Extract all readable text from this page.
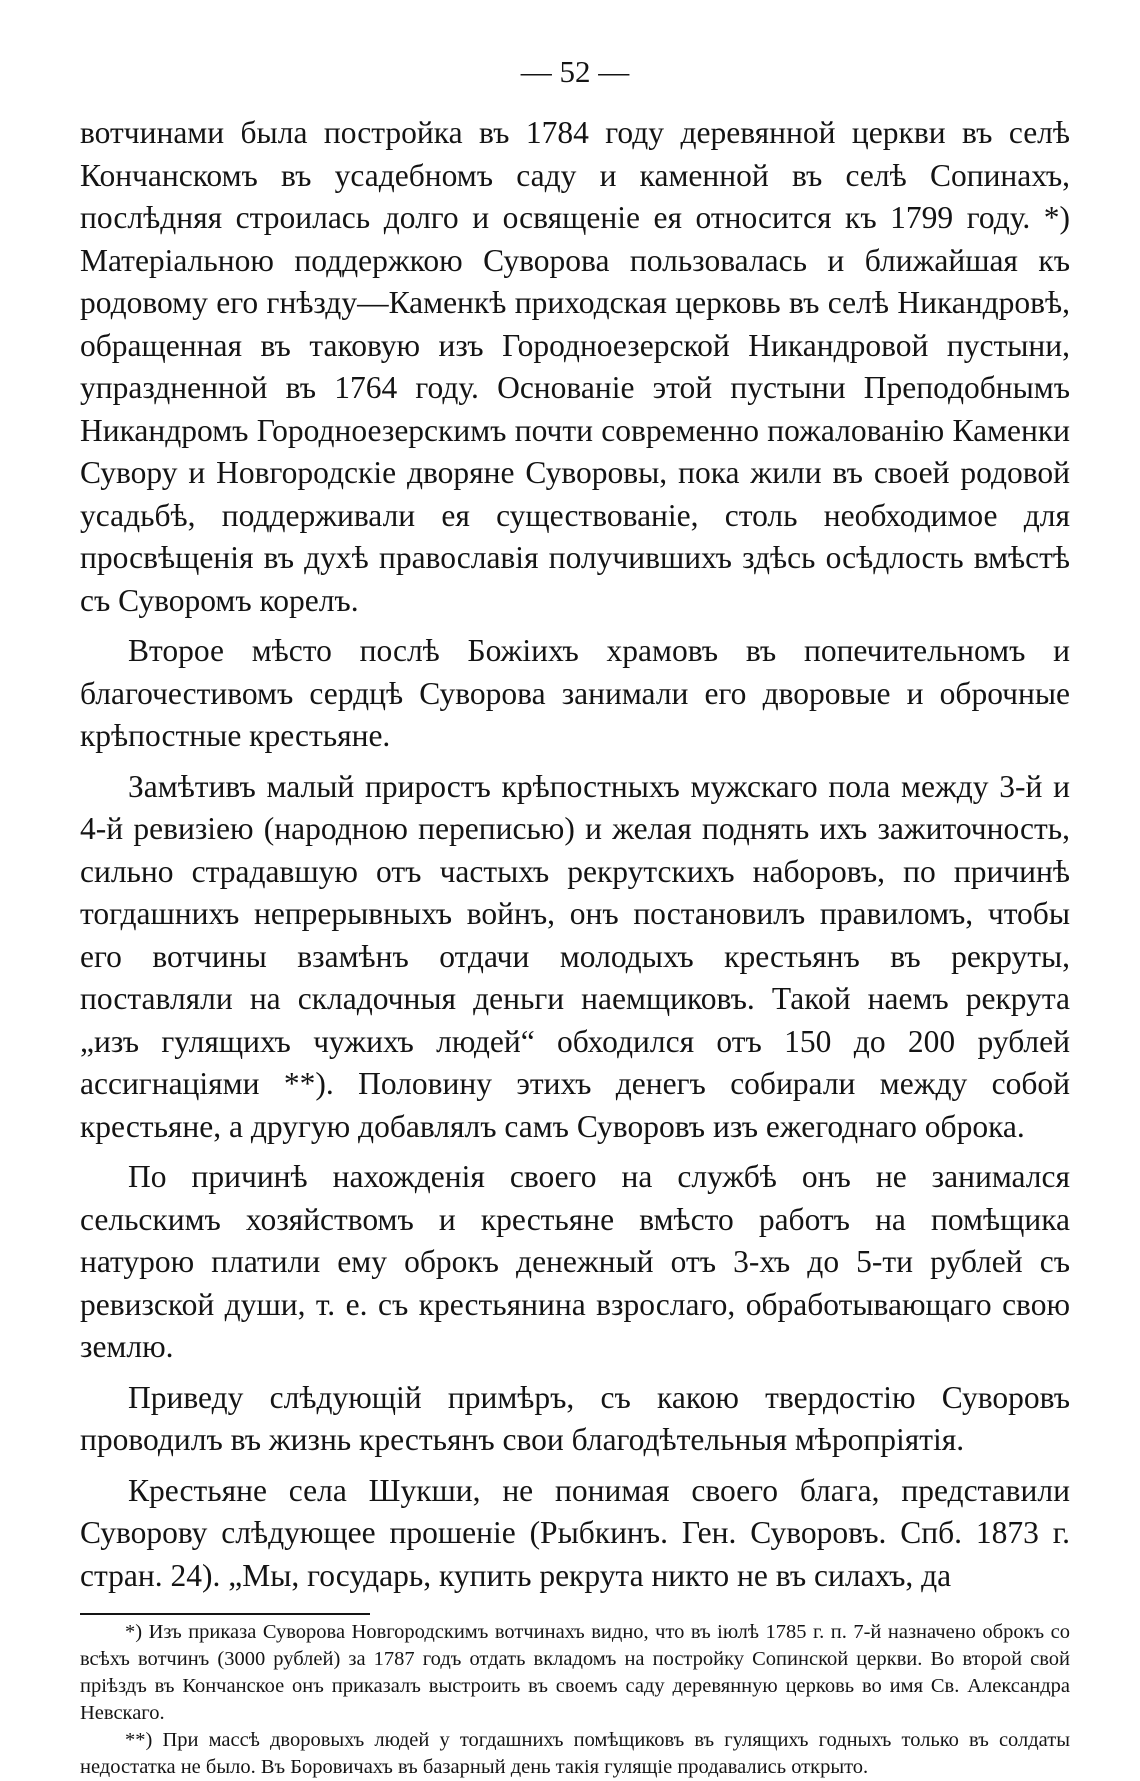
— 52 —

вотчинами была постройка въ 1784 году деревянной церкви въ селѣ Кончанскомъ въ усадебномъ саду и каменной въ селѣ Сопинахъ, послѣдняя строилась долго и освященіе ея относится къ 1799 году. *) Матеріальною поддержкою Суворова пользовалась и ближайшая къ родовому его гнѣзду—Каменкѣ приходская церковь въ селѣ Никандровѣ, обращенная въ таковую изъ Городноезерской Никандровой пустыни, упраздненной въ 1764 году. Основаніе этой пустыни Преподобнымъ Никандромъ Городноезерскимъ почти современно пожалованію Каменки Сувору и Новгородскіе дворяне Суворовы, пока жили въ своей родовой усадьбѣ, поддерживали ея существованіе, столь необходимое для просвѣщенія въ духѣ православія получившихъ здѣсь осѣдлость вмѣстѣ съ Суворомъ корелъ.

Второе мѣсто послѣ Божіихъ храмовъ въ попечительномъ и благочестивомъ сердцѣ Суворова занимали его дворовые и оброчные крѣпостные крестьяне.

Замѣтивъ малый приростъ крѣпостныхъ мужскаго пола между 3-й и 4-й ревизіею (народною переписью) и желая поднять ихъ зажиточность, сильно страдавшую отъ частыхъ рекрутскихъ наборовъ, по причинѣ тогдашнихъ непрерывныхъ войнъ, онъ постановилъ правиломъ, чтобы его вотчины взамѣнъ отдачи молодыхъ крестьянъ въ рекруты, поставляли на складочныя деньги наемщиковъ. Такой наемъ рекрута „изъ гулящихъ чужихъ людей“ обходился отъ 150 до 200 рублей ассигнаціями **). Половину этихъ денегъ собирали между собой крестьяне, а другую добавлялъ самъ Суворовъ изъ ежегоднаго оброка.

По причинѣ нахожденія своего на службѣ онъ не занимался сельскимъ хозяйствомъ и крестьяне вмѣсто работъ на помѣщика натурою платили ему оброкъ денежный отъ 3-хъ до 5-ти рублей съ ревизской души, т. е. съ крестьянина взрослаго, обработывающаго свою землю.

Приведу слѣдующій примѣръ, съ какою твердостію Суворовъ проводилъ въ жизнь крестьянъ свои благодѣтельныя мѣропріятія.

Крестьяне села Шукши, не понимая своего блага, представили Суворову слѣдующее прошеніе (Рыбкинъ. Ген. Суворовъ. Спб. 1873 г. стран. 24). „Мы, государь, купить рекрута никто не въ силахъ, да

*) Изъ приказа Суворова Новгородскимъ вотчинахъ видно, что въ іюлѣ 1785 г. п. 7-й назначено оброкъ со всѣхъ вотчинъ (3000 рублей) за 1787 годъ отдать вкладомъ на постройку Сопинской церкви. Во второй свой пріѣздъ въ Кончанское онъ приказалъ выстроить въ своемъ саду деревянную церковь во имя Св. Александра Невскаго.

**) При массѣ дворовыхъ людей у тогдашнихъ помѣщиковъ въ гулящихъ годныхъ только въ солдаты недостатка не было. Въ Боровичахъ въ базарный день такія гулящіе продавались открыто.
